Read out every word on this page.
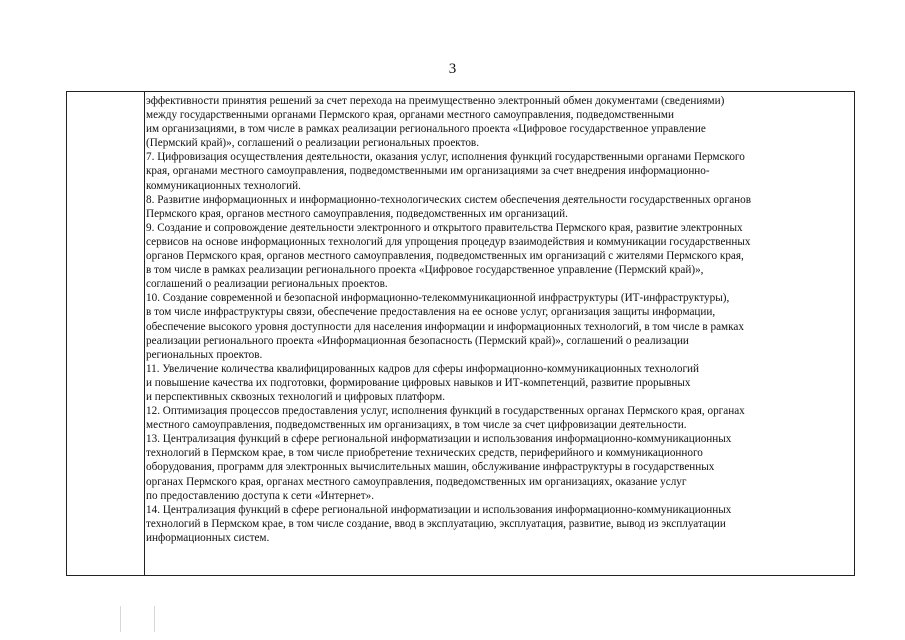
3

эффективности принятия решений за счет перехода на преимущественно электронный обмен документами (сведениями)
между государственными органами Пермского края, органами местного самоуправления, подведомственными
им организациями, в том числе в рамках реализации регионального проекта «Цифровое государственное управление
(Пермский край)», соглашений о реализации региональных проектов.

7. Цифровизация осуществления деятельности, оказания услуг, исполнения функций государственными органами Пермского
края, органами местного самоуправления, подведомственными им организациями за счет внедрения информационно-
коммуникационных технологий.

8. Развитие информационных и информационно-технологических систем обеспечения деятельности государственных органов
Пермского края, органов местного самоуправления, подведомственных им организаций.

9. Создание и сопровождение деятельности электронного и открытого правительства Пермского края, развитие электронных
сервисов на основе информационных технологий для упрощения процедур взаимодействия и коммуникации государственных
органов Пермского края, органов местного самоуправления, подведомственных им организаций с жителями Пермского края,
в том числе в рамках реализации регионального проекта «Цифровое государственное управление (Пермский край)»,
соглашений о реализации региональных проектов.

10. Создание современной и безопасной информационно-телекоммуникационной инфраструктуры (ИТ-инфраструктуры),
в том числе инфраструктуры связи, обеспечение предоставления на ее основе услуг, организация защиты информации,
обеспечение высокого уровня доступности для населения информации и информационных технологий, в том числе в рамках
реализации регионального проекта «Информационная безопасность (Пермский край)», соглашений о реализации
региональных проектов.

11. Увеличение количества квалифицированных кадров для сферы информационно-коммуникационных технологий
и повышение качества их подготовки, формирование цифровых навыков и ИТ-компетенций, развитие прорывных
и перспективных сквозных технологий и цифровых платформ.

12. Оптимизация процессов предоставления услуг, исполнения функций в государственных органах Пермского края, органах
местного самоуправления, подведомственных им организациях, в том числе за счет цифровизации деятельности.

13. Централизация функций в сфере региональной информатизации и использования информационно-коммуникационных
технологий в Пермском крае, в том числе приобретение технических средств, периферийного и коммуникационного
оборудования, программ для электронных вычислительных машин, обслуживание инфраструктуры в государственных
органах Пермского края, органах местного самоуправления, подведомственных им организациях, оказание услуг
по предоставлению доступа к сети «Интернет».

14. Централизация функций в сфере региональной информатизации и использования информационно-коммуникационных
технологий в Пермском крае, в том числе создание, ввод в эксплуатацию, эксплуатация, развитие, вывод из эксплуатации
информационных систем.
